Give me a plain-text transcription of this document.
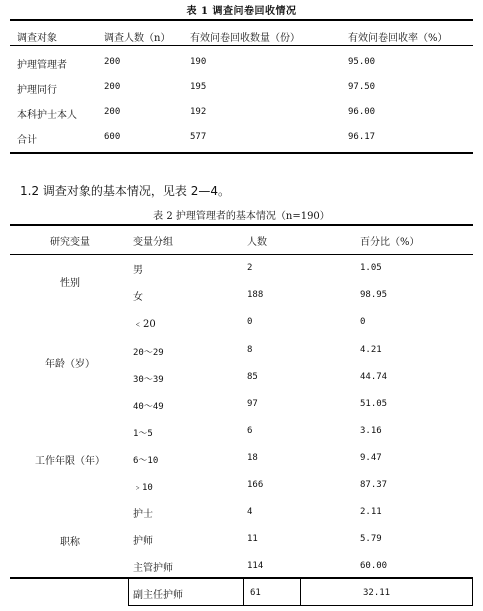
表 1 调查问卷回收情况
调查对象	调查人数（n） 有效问卷回收数量（份）	有效问卷回收率（%）
护理管理者	200	190	95.00
护理同行	200	195	97.50
本科护士本人	200	192	96.00
合计	600	577	96.17
1.2 调查对象的基本情况，见表 2—4。
表 2 护理管理者的基本情况（n=190）
研究变量	变量分组	人数	百分比（%）
性别
男	2	1.05
女	188	98.95
年龄（岁）
﹤20	0	0
20～29	8	4.21
30～39	85	44.74
40～49	97	51.05
工作年限（年）
1～5	6	3.16
6～10	18	9.47
﹥10	166	87.37
职称
护士	4	2.11
护师	11	5.79
主管护师	114	60.00
副主任护师	61	32.11
